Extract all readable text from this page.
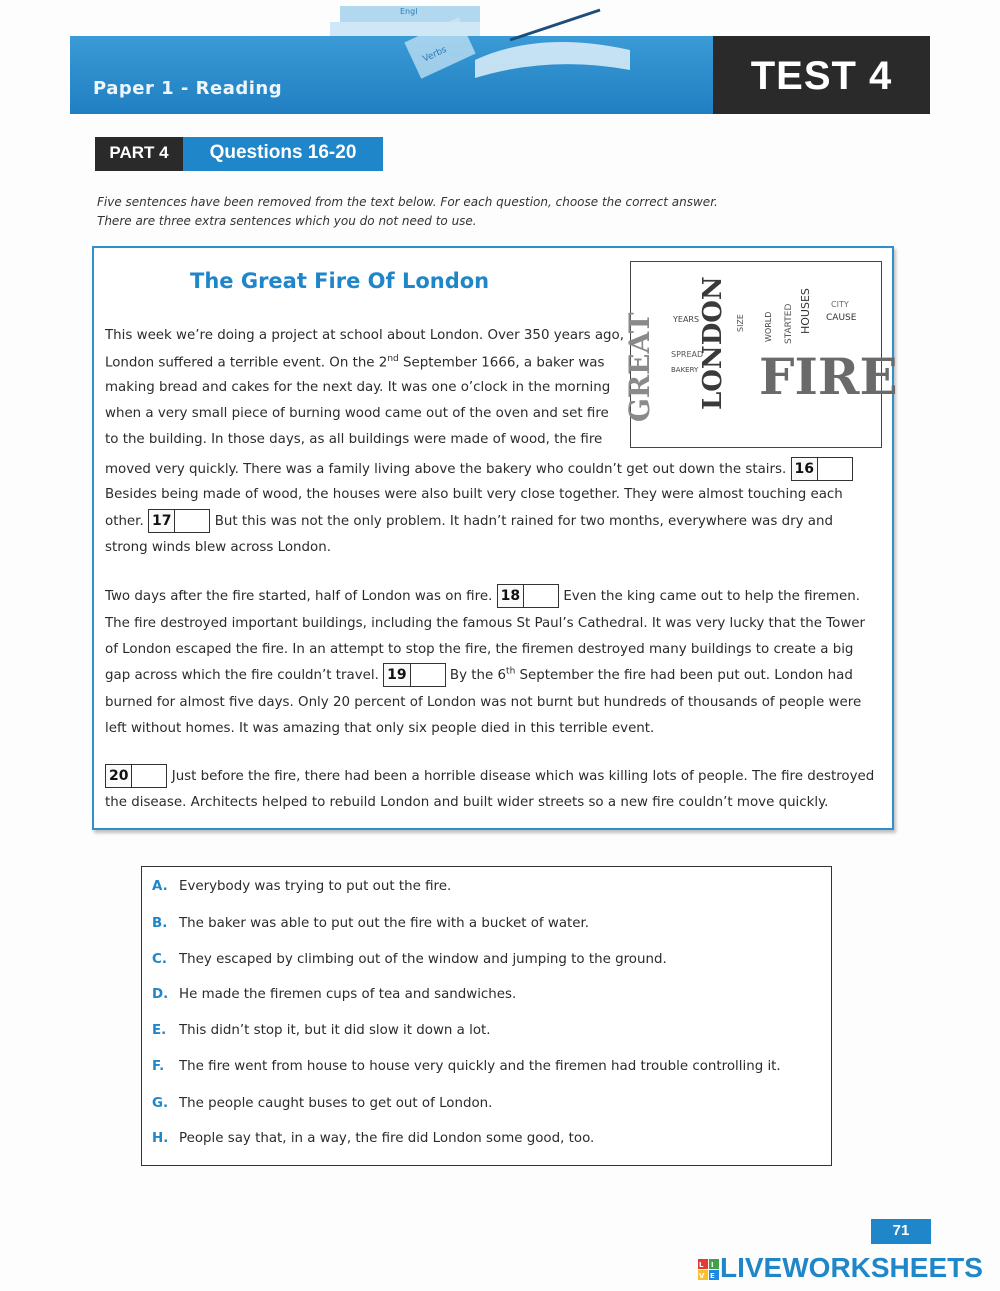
Verbs
Engl
Paper 1 - Reading	TEST 4
PART 4	Questions 16-20
Five sentences have been removed from the text below. For each question, choose the correct answer.
There are three extra sentences which you do not need to use.
The Great Fire Of London
GREAT LONDON FIRE
HOUSES
STARTED
WORLD
SIZE
YEARS
SPREAD
CAUSE
BAKERY
CITY
This week we’re doing a project at school about London. Over 350 years ago,
London suffered a terrible event. On the 2nd September 1666, a baker was
making bread and cakes for the next day. It was one o’clock in the morning
when a very small piece of burning wood came out of the oven and set fire
to the building. In those days, as all buildings were made of wood, the fire
moved very quickly. There was a family living above the bakery who couldn’t get out down the stairs. 16
Besides being made of wood, the houses were also built very close together. They were almost touching each
other. 17	But this was not the only problem. It hadn’t rained for two months, everywhere was dry and
strong winds blew across London.
Two days after the fire started, half of London was on fire. 18	Even the king came out to help the firemen.
The fire destroyed important buildings, including the famous St Paul’s Cathedral. It was very lucky that the Tower
of London escaped the fire. In an attempt to stop the fire, the firemen destroyed many buildings to create a big
gap across which the fire couldn’t travel. 19	By the 6th September the fire had been put out. London had
burned for almost five days. Only 20 percent of London was not burnt but hundreds of thousands of people were
left without homes. It was amazing that only six people died in this terrible event.
20	Just before the fire, there had been a horrible disease which was killing lots of people. The fire destroyed
the disease. Architects helped to rebuild London and built wider streets so a new fire couldn’t move quickly.
A. Everybody was trying to put out the fire.
B. The baker was able to put out the fire with a bucket of water.
C. They escaped by climbing out of the window and jumping to the ground.
D. He made the firemen cups of tea and sandwiches.
E. This didn’t stop it, but it did slow it down a lot.
F. The fire went from house to house very quickly and the firemen had trouble controlling it.
G. The people caught buses to get out of London.
H. People say that, in a way, the fire did London some good, too.
71
L I
V E LIVEWORKSHEETS
